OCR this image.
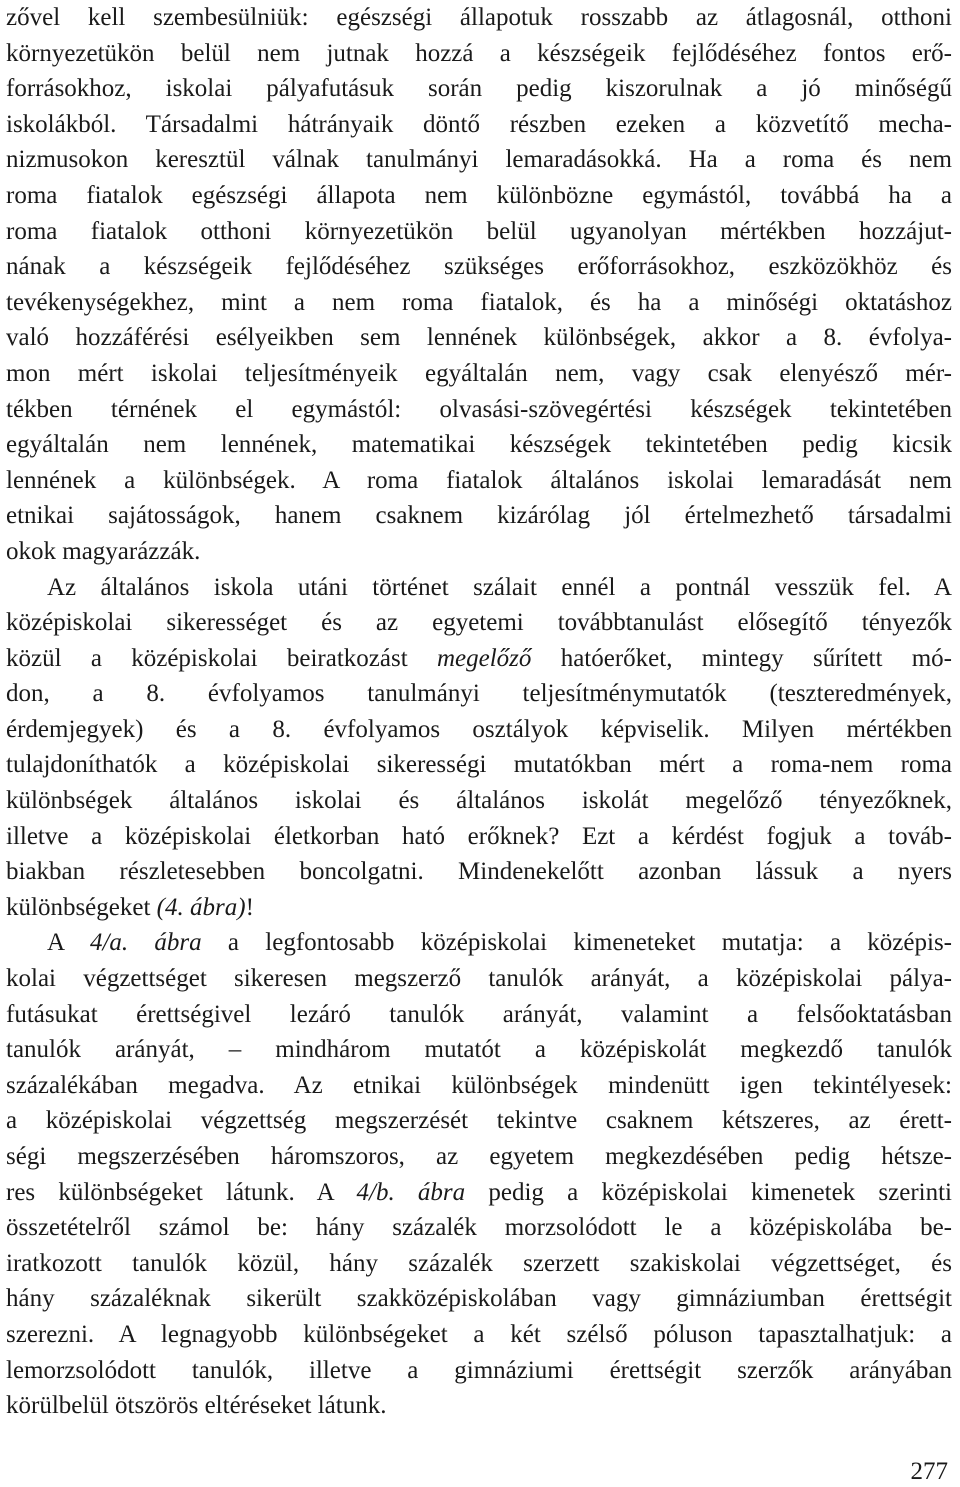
zővel kell szembesülniük: egészségi állapotuk rosszabb az átlagosnál, otthoni
környezetükön belül nem jutnak hozzá a készségeik fejlődéséhez fontos erő-
forrásokhoz, iskolai pályafutásuk során pedig kiszorulnak a jó minőségű
iskolákból. Társadalmi hátrányaik döntő részben ezeken a közvetítő mecha-
nizmusokon keresztül válnak tanulmányi lemaradásokká. Ha a roma és nem
roma fiatalok egészségi állapota nem különbözne egymástól, továbbá ha a
roma fiatalok otthoni környezetükön belül ugyanolyan mértékben hozzájut-
nának a készségeik fejlődéséhez szükséges erőforrásokhoz, eszközökhöz és
tevékenységekhez, mint a nem roma fiatalok, és ha a minőségi oktatáshoz
való hozzáférési esélyeikben sem lennének különbségek, akkor a 8. évfolya-
mon mért iskolai teljesítményeik egyáltalán nem, vagy csak elenyésző mér-
tékben térnének el egymástól: olvasási-szövegértési készségek tekintetében
egyáltalán nem lennének, matematikai készségek tekintetében pedig kicsik
lennének a különbségek. A roma fiatalok általános iskolai lemaradását nem
etnikai sajátosságok, hanem csaknem kizárólag jól értelmezhető társadalmi
okok magyarázzák.
Az általános iskola utáni történet szálait ennél a pontnál vesszük fel. A
középiskolai sikerességet és az egyetemi továbbtanulást elősegítő tényezők
közül a középiskolai beiratkozást megelőző hatóerőket, mintegy sűrített mó-
don, a 8. évfolyamos tanulmányi teljesítménymutatók (teszteredmények,
érdemjegyek) és a 8. évfolyamos osztályok képviselik. Milyen mértékben
tulajdoníthatók a középiskolai sikerességi mutatókban mért a roma-nem roma
különbségek általános iskolai és általános iskolát megelőző tényezőknek,
illetve a középiskolai életkorban ható erőknek? Ezt a kérdést fogjuk a továb-
biakban részletesebben boncolgatni. Mindenekelőtt azonban lássuk a nyers
különbségeket (4. ábra)!
A 4/a. ábra a legfontosabb középiskolai kimeneteket mutatja: a középis-
kolai végzettséget sikeresen megszerző tanulók arányát, a középiskolai pálya-
futásukat érettségivel lezáró tanulók arányát, valamint a felsőoktatásban
tanulók arányát, – mindhárom mutatót a középiskolát megkezdő tanulók
százalékában megadva. Az etnikai különbségek mindenütt igen tekintélyesek:
a középiskolai végzettség megszerzését tekintve csaknem kétszeres, az érett-
ségi megszerzésében háromszoros, az egyetem megkezdésében pedig hétsze-
res különbségeket látunk. A 4/b. ábra pedig a középiskolai kimenetek szerinti
összetételről számol be: hány százalék morzsolódott le a középiskolába be-
iratkozott tanulók közül, hány százalék szerzett szakiskolai végzettséget, és
hány százaléknak sikerült szakközépiskolában vagy gimnáziumban érettségit
szerezni. A legnagyobb különbségeket a két szélső póluson tapasztalhatjuk: a
lemorzsolódott tanulók, illetve a gimnáziumi érettségit szerzők arányában
körülbelül ötszörös eltéréseket látunk.
277
